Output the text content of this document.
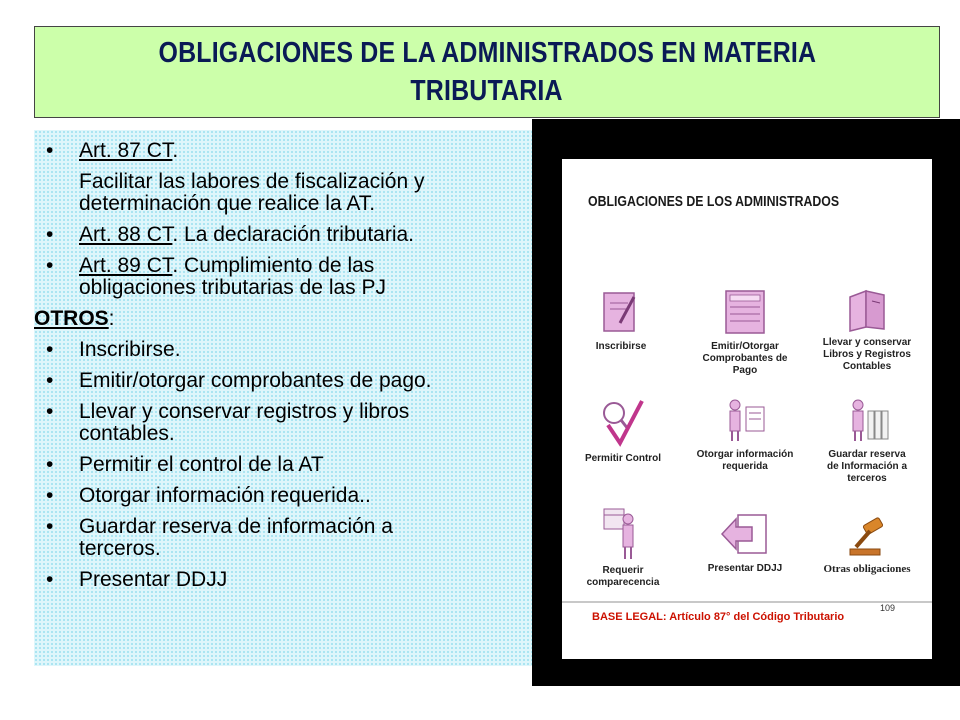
OBLIGACIONES DE LA ADMINISTRADOS EN MATERIA
TRIBUTARIA
• Art. 87 CT.
Facilitar las labores de fiscalización y
determinación que realice la AT.
• Art. 88 CT. La declaración tributaria.
• Art. 89 CT. Cumplimiento de las
obligaciones tributarias de las PJ
OTROS:
• Inscribirse.
• Emitir/otorgar comprobantes de pago.
• Llevar y conservar registros y libros
contables.
• Permitir el control de la AT
• Otorgar información requerida..
• Guardar reserva de información a
terceros.
• Presentar DDJJ
OBLIGACIONES DE LOS ADMINISTRADOS
Inscribirse	Emitir/Otorgar
Comprobantes de
Pago
Llevar y conservar
Libros y Registros
Contables
Permitir Control	Otorgar información
requerida
Guardar reserva
de Información a
terceros
Requerir
comparecencia
Presentar DDJJ	Otras obligaciones
109
BASE LEGAL: Artículo 87° del Código Tributario
